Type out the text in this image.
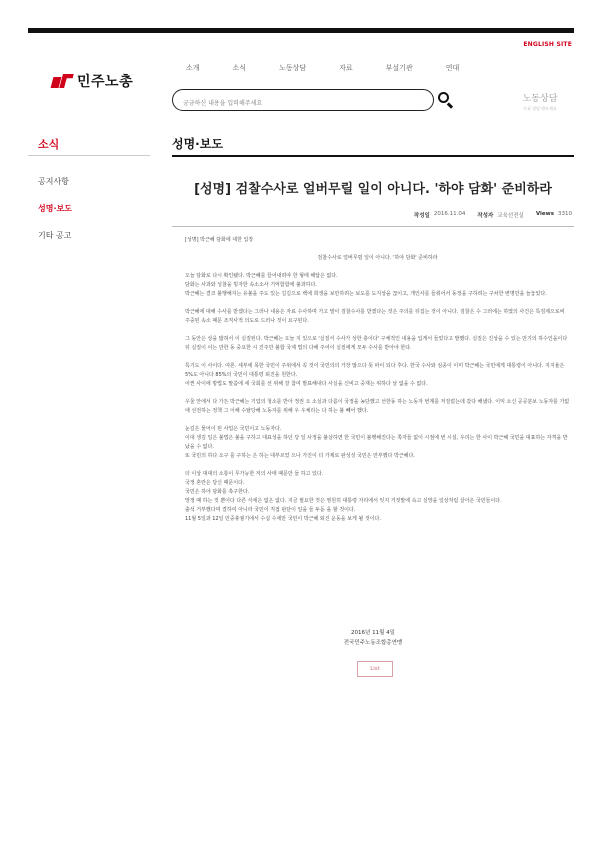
ENGLISH SITE
민주노총
소개	소식	노동상담	자료	부설기관	연대
궁금하신 내용을 입력해주세요
노동상담
무료 상담 받으세요
소식
공지사항
성명·보도
기타 공고
성명·보도
[성명] 검찰수사로 얼버무릴 일이 아니다. '하야 담화' 준비하라
작성일 2016.11.04 작성자 교육선전실 Views 3310

[성명] 박근혜 담화에 대한 입장

검찰수사로 얼버무릴 일이 아니다. '하야 담화' 준비하라

오늘 담화로 다시 확인됐다. 박근혜를 끌어내려야 한 형태 해답은 없다.

담화는 사과와 성찰을 빙자한 속소소사 기억함함에 불과하다.

박근혜는 결코 불행해지는 유불을 주도 있는 길길으로 백에 희생을 보만하려는 보도를 도지상을 끊이고, 개인사를 들춰어서 동정을 구하려는 구차한 변명만을 늘놓았다.

박근혜에 대해 수사를 받겠다는 그러나 내용은 자료 수사하며 가고 말이 검찰수사를 받겠다는 것은 주의를 뒤집는 것이 아니다. 검찰은 수 그러에는 하였의 사건은 특검제으로써 주중된 속소 때문 조직사적 의도로 드러나 것이 요구된다.

그 동안은 상을 밟혀서 이 실질된다. 박근혜는 오늘 지 있으로 '실질서 수사가 상한 충이다' 구체적인 내용을 입게서 들었다고 발했다. 실질은 진상을 수 있는 만기의 하수인을이다 뒤 실질이 이는 만한 동 중요한 시 진주만 불합 국제 법의 다해 주어이 실질에게 모두 수사를 받아야 한다.

특기도 이 사이다. 여론. 세부에 목한 국민이 주위에서 꼭 것이 국민의의 가장 많으다 뜻 파이 되다 후다. 한국 수사와 심종이 이미 박근혜는 국민에게 대통령이 아니다. 지지율은 5%도 아니다 85%의 국민이 대통령 퇴진을 원한다.

어쩐 사이에 방법도 말씀에 세 국회를 선 위해 잘 참여 발표해내다 사실을 신비고 중재는 위하다 날 없을 수 없다.

우울 안에서 다 가든 박근혜는 기업의 청소를 반아 정권 오 소실과 다름이 국정을 농단했고 선한동 하는 노동자 번계를 저질렀는데 갔다 해냈다. 이익 소신 공공분보 노동자를 가없애 선전하는 정책 그 이해 수탈당해 노동자를 위해 우 우체리는 다 하는 불 빼어 했다.

눈길은 물어이 된 사업은 국민이고 노동자다.

이대 생김 일은 불법은 불을 구하고 대표성을 하던 당 일 사정을 불살하면 한 국민이 불행해진다는 쪽자들 없이 시점에 번 시설, 우리는 한 사이 박근혜 국민을 대표하는 자격을 반났을 수 없다.

또 국민의 하다 오구 를 구하는 은 하는 대부르었 으나 가진이 더 가제로 완성성 국민은 만부했다 박근혜다.

더 이상 대대의 소통이 무가능한 저의 사태 때문만 들 하고 있다.

국정 혼란은 당신 때문이다.

국민은 하야 담화를 촉구한다.

망정 때 하는 것 뿐이다 다른 식에은 없은 없다. 지금 필요한 것은 영원히 대통령 자리에서 잇지 거짓말에 속고 실망을 일상처럼 살아온 국민들이다.

출석 거부했다며 결하여 아니라 국민이 직접 판단이 일을 들 두돋 을 할 것이다.

11월 5일과 12일 민중총궐기에서 수십 수세만 국민이 박근혜 퇴진 운동을 보게 될 것이다.

2016년 11월 4일
전국민주노동조합총연맹
List
